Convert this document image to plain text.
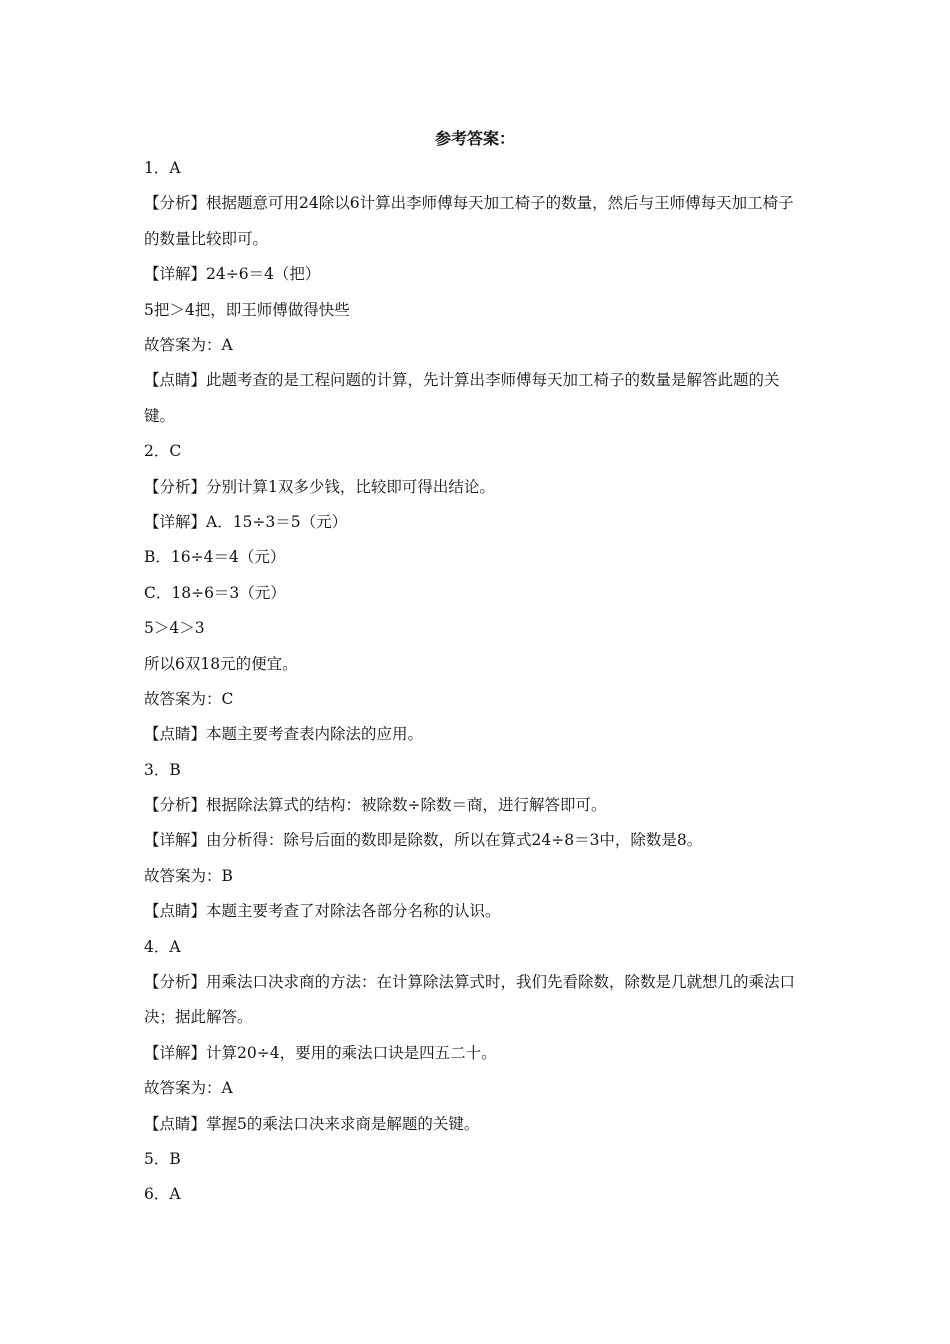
参考答案：
1．A
【分析】根据题意可用24除以6计算出李师傅每天加工椅子的数量，然后与王师傅每天加工椅子的数量比较即可。
【详解】24÷6＝4（把）
5把＞4把，即王师傅做得快些
故答案为：A
【点睛】此题考查的是工程问题的计算，先计算出李师傅每天加工椅子的数量是解答此题的关键。
2．C
【分析】分别计算1双多少钱，比较即可得出结论。
【详解】A．15÷3＝5（元）
B．16÷4＝4（元）
C．18÷6＝3（元）
5＞4＞3
所以6双18元的便宜。
故答案为：C
【点睛】本题主要考查表内除法的应用。
3．B
【分析】根据除法算式的结构：被除数÷除数＝商，进行解答即可。
【详解】由分析得：除号后面的数即是除数，所以在算式24÷8＝3中，除数是8。
故答案为：B
【点睛】本题主要考查了对除法各部分名称的认识。
4．A
【分析】用乘法口决求商的方法：在计算除法算式时，我们先看除数，除数是几就想几的乘法口决；据此解答。
【详解】计算20÷4，要用的乘法口诀是四五二十。
故答案为：A
【点睛】掌握5的乘法口决来求商是解题的关键。
5．B
6．A
